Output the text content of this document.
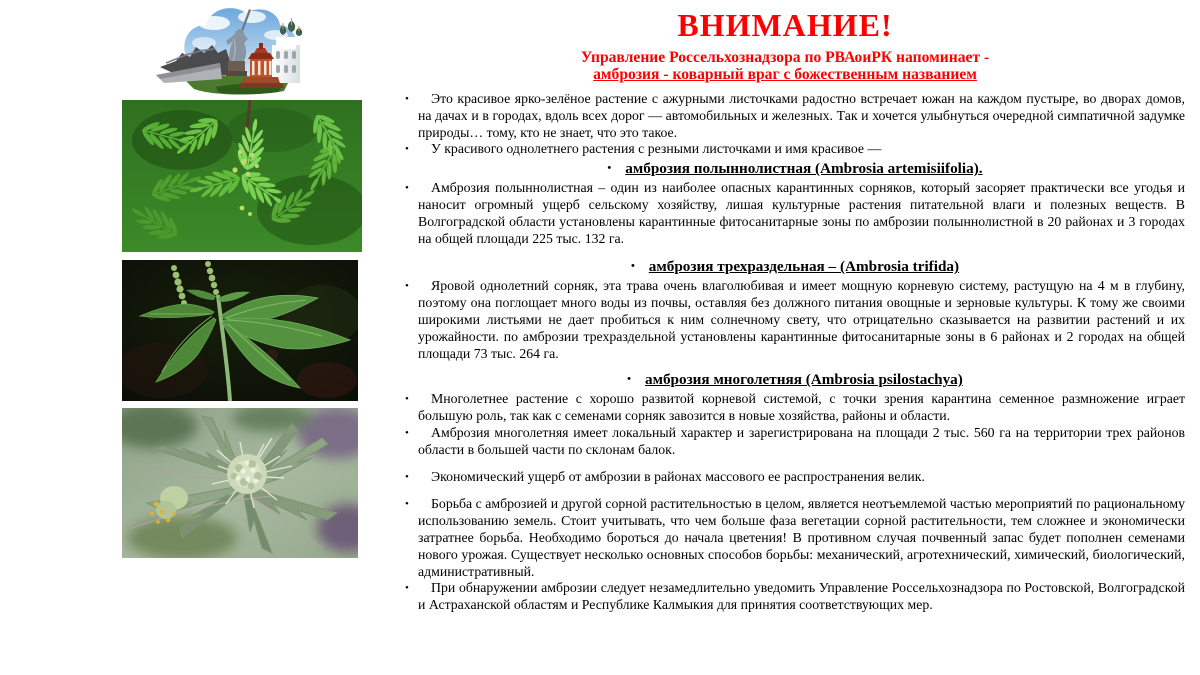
ВНИМАНИЕ!
Управление Россельхознадзора по РВАоиРК напоминает -
амброзия - коварный враг с божественным названием
• Это красивое ярко-зелёное растение с ажурными листочками радостно встречает южан на каждом пустыре, во дворах домов, на дачах и в городах, вдоль всех дорог — автомобильных и железных. Так и хочется улыбнуться очередной симпатичной задумке природы… тому, кто не знает, что это такое.
• У красивого однолетнего растения с резными листочками и имя красивое —
• амброзия полыннолистная (Ambrosia artemisiifolia).
• Амброзия полыннолистная – один из наиболее опасных карантинных сорняков, который засоряет практически все угодья и наносит огромный ущерб сельскому хозяйству, лишая культурные растения питательной влаги и полезных веществ. В Волгоградской области установлены карантинные фитосанитарные зоны по амброзии полыннолистной в 20 районах и 3 городах на общей площади 225 тыс. 132 га.
• амброзия трехраздельная – (Ambrosia trifida)
• Яровой однолетний сорняк, эта трава очень влаголюбивая и имеет мощную корневую систему, растущую на 4 м в глубину, поэтому она поглощает много воды из почвы, оставляя без должного питания овощные и зерновые культуры. К тому же своими широкими листьями не дает пробиться к ним солнечному свету, что отрицательно сказывается на развитии растений и их урожайности. по амброзии трехраздельной установлены карантинные фитосанитарные зоны в 6 районах и 2 городах на общей площади 73 тыс. 264 га.
• амброзия многолетняя (Ambrosia psilostachya)
• Многолетнее растение с хорошо развитой корневой системой, с точки зрения карантина семенное размножение играет большую роль, так как с семенами сорняк завозится в новые хозяйства, районы и области.
• Амброзия многолетняя имеет локальный характер и зарегистрирована на площади 2 тыс. 560 га на территории трех районов области в большей части по склонам балок.
• Экономический ущерб от амброзии в районах массового ее распространения велик.
• Борьба с амброзией и другой сорной растительностью в целом, является неотъемлемой частью мероприятий по рациональному использованию земель. Стоит учитывать, что чем больше фаза вегетации сорной растительности, тем сложнее и экономически затратнее борьба. Необходимо бороться до начала цветения! В противном случая почвенный запас будет пополнен семенами нового урожая. Существует несколько основных способов борьбы: механический, агротехнический, химический, биологический, административный.
• При обнаружении амброзии следует незамедлительно уведомить Управление Россельхознадзора по Ростовской, Волгоградской и Астраханской областям и Республике Калмыкия для принятия соответствующих мер.
